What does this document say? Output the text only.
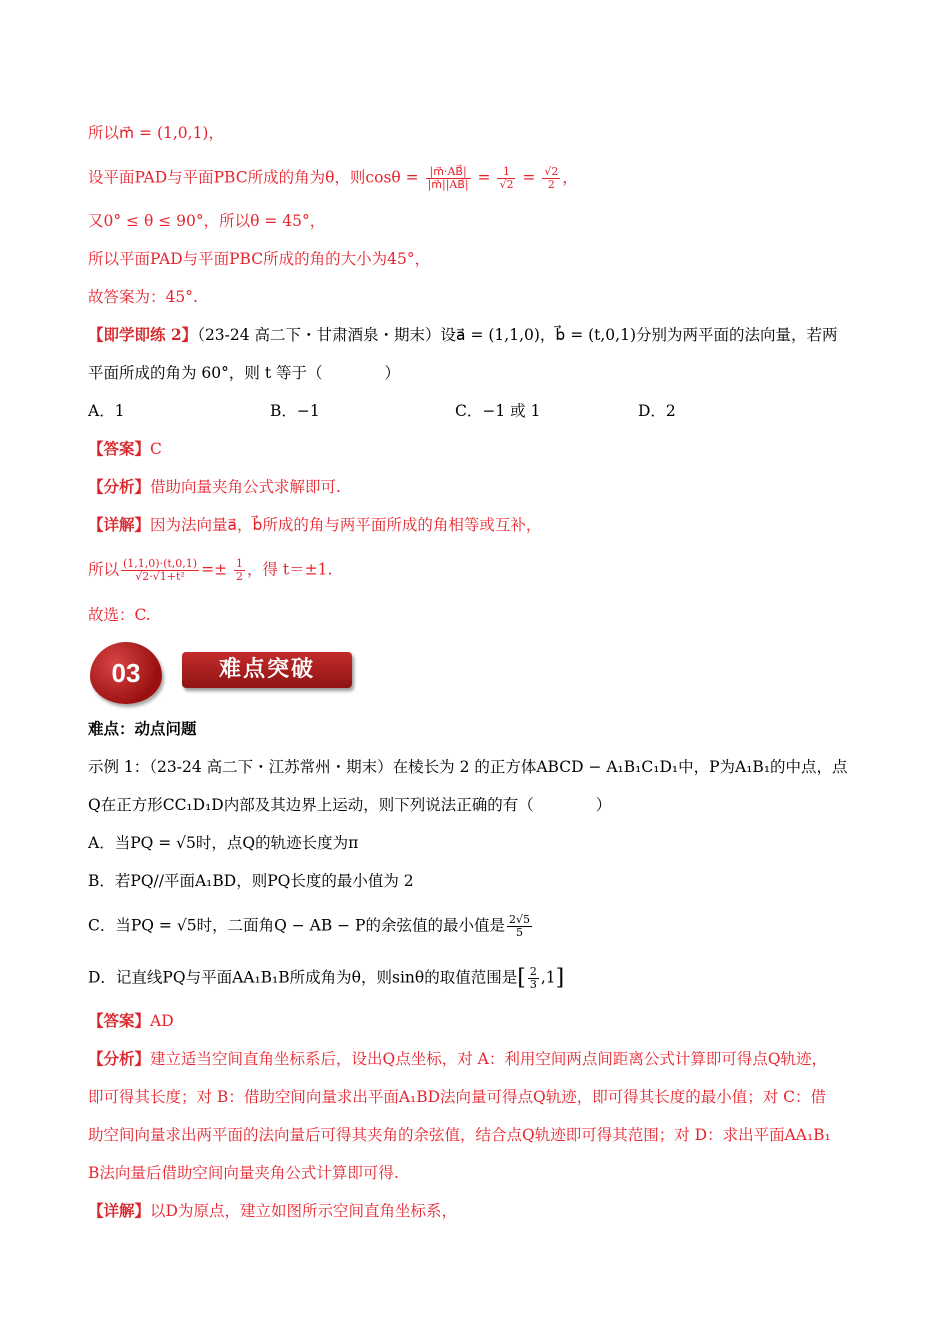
所以m⃗ = (1,0,1)，
设平面PAD与平面PBC所成的角为θ，则$\cos\theta = \frac{|m⃗\cdot AB⃗|}{|m⃗||AB⃗|} = \frac{1}{√2} = \frac{√2}{2}$ ，
又0° ≤ θ ≤ 90°，所以θ = 45°，
所以平面PAD与平面PBC所成的角的大小为45°，
故答案为：45°.
【即学即练 2】（23-24 高二下・甘肃酒泉・期末）设a⃗ = (1,1,0)，b⃗ = (t,0,1)分别为两平面的法向量，若两
平面所成的角为 60°，则 t 等于（　　　　）
A．1	B．−1	C．−1 或 1	D．2
【答案】C
【分析】借助向量夹角公式求解即可.
【详解】因为法向量a⃗，b⃗所成的角与两平面所成的角相等或互补，
所以 $\frac{(1,1,0)\cdot(t,0,1)}{\text{√2·√1+t²}} =\pm \frac{1}{2}$ ，得 t＝±1.
故选：C.
03	难点突破
难点：动点问题
示例 1：（23-24 高二下・江苏常州・期末）在棱长为 2 的正方体ABCD − A₁B₁C₁D₁中，P为A₁B₁的中点，点
Q在正方形CC₁D₁D内部及其边界上运动，则下列说法正确的有（　　　　）
A．当PQ = √5时，点Q的轨迹长度为π
B．若PQ//平面A₁BD，则PQ长度的最小值为 2
C．当PQ = √5时，二面角Q − AB − P的余弦值的最小值是 $\frac{2√5}{5}$
D．记直线PQ与平面AA₁B₁B所成角为θ，则sinθ的取值范围是[ $\frac{2}{3} ,1$]
【答案】AD
【分析】建立适当空间直角坐标系后，设出Q点坐标，对 A：利用空间两点间距离公式计算即可得点Q轨迹，
即可得其长度；对 B：借助空间向量求出平面A₁BD法向量可得点Q轨迹，即可得其长度的最小值；对 C：借
助空间向量求出两平面的法向量后可得其夹角的余弦值，结合点Q轨迹即可得其范围；对 D：求出平面AA₁B₁
B法向量后借助空间向量夹角公式计算即可得.
【详解】以D为原点，建立如图所示空间直角坐标系，
